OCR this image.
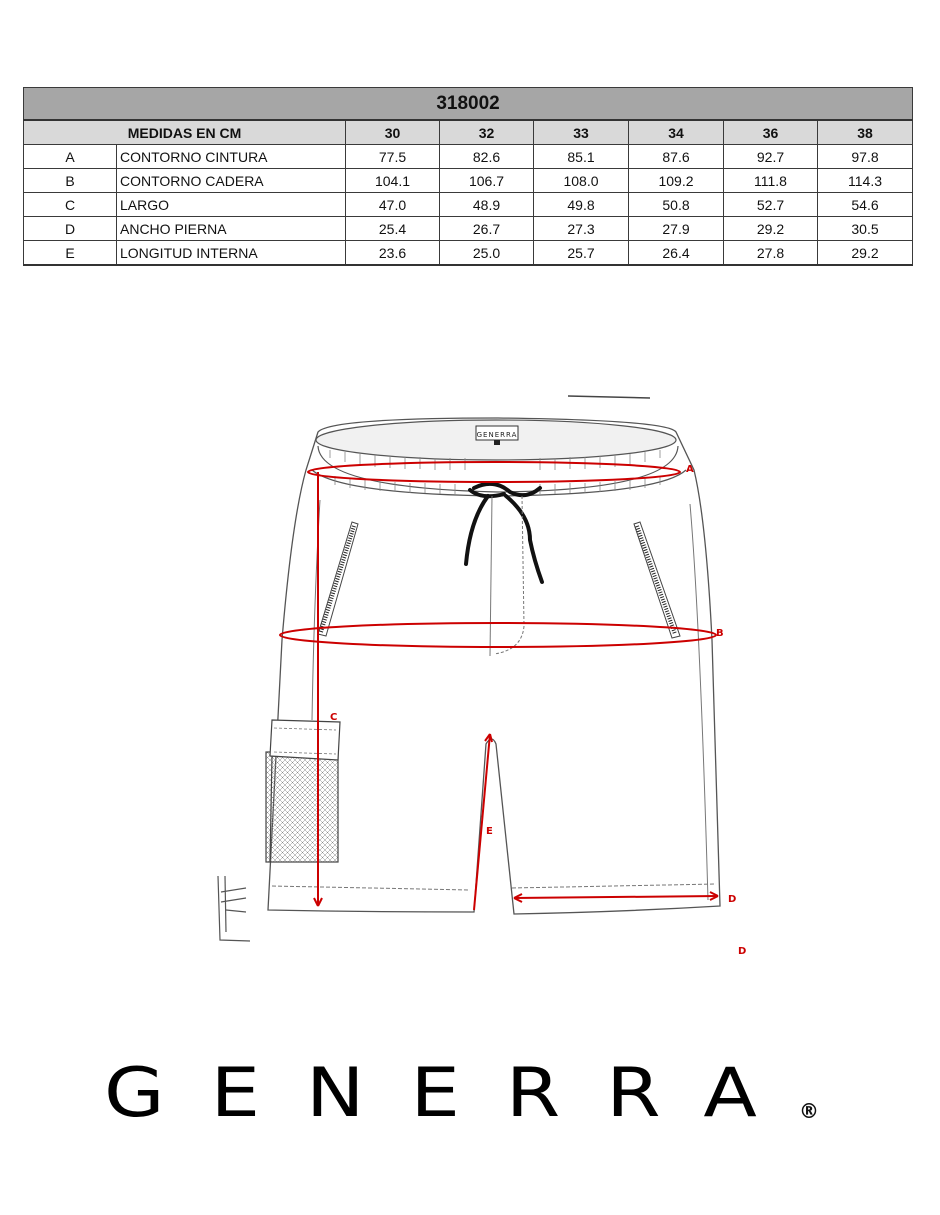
318002							
MEDIDAS EN CM		30	32	33	34	36	38
A	CONTORNO CINTURA	77.5	82.6	85.1	87.6	92.7	97.8
B	CONTORNO CADERA	104.1	106.7	108.0	109.2	111.8	114.3
C	LARGO	47.0	48.9	49.8	50.8	52.7	54.6
D	ANCHO PIERNA	25.4	26.7	27.3	27.9	29.2	30.5
E	LONGITUD INTERNA	23.6	25.0	25.7	26.4	27.8	29.2
GENERRA
A
B
C
D
E
D
GENERRA
®
